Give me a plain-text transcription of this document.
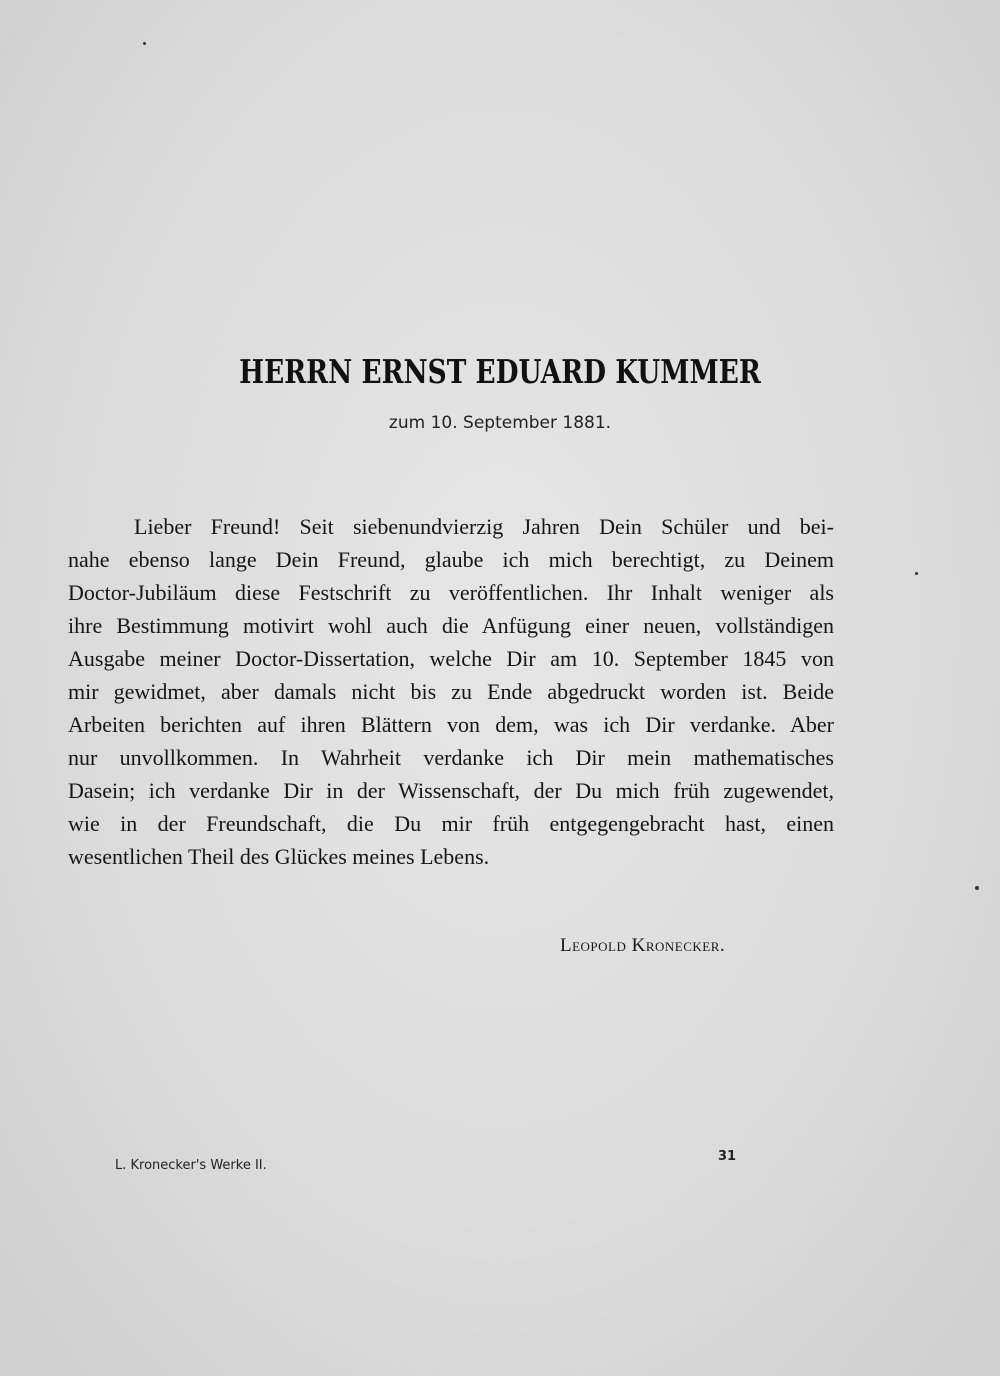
HERRN ERNST EDUARD KUMMER
zum 10. September 1881.
Lieber Freund! Seit siebenundvierzig Jahren Dein Schüler und bei-
nahe ebenso lange Dein Freund, glaube ich mich berechtigt, zu Deinem
Doctor-Jubiläum diese Festschrift zu veröffentlichen. Ihr Inhalt weniger als
ihre Bestimmung motivirt wohl auch die Anfügung einer neuen, vollständigen
Ausgabe meiner Doctor-Dissertation, welche Dir am 10. September 1845 von
mir gewidmet, aber damals nicht bis zu Ende abgedruckt worden ist. Beide
Arbeiten berichten auf ihren Blättern von dem, was ich Dir verdanke. Aber
nur unvollkommen. In Wahrheit verdanke ich Dir mein mathematisches
Dasein; ich verdanke Dir in der Wissenschaft, der Du mich früh zugewendet,
wie in der Freundschaft, die Du mir früh entgegengebracht hast, einen
wesentlichen Theil des Glückes meines Lebens.
Leopold Kronecker.
L. Kronecker's Werke II.
31
